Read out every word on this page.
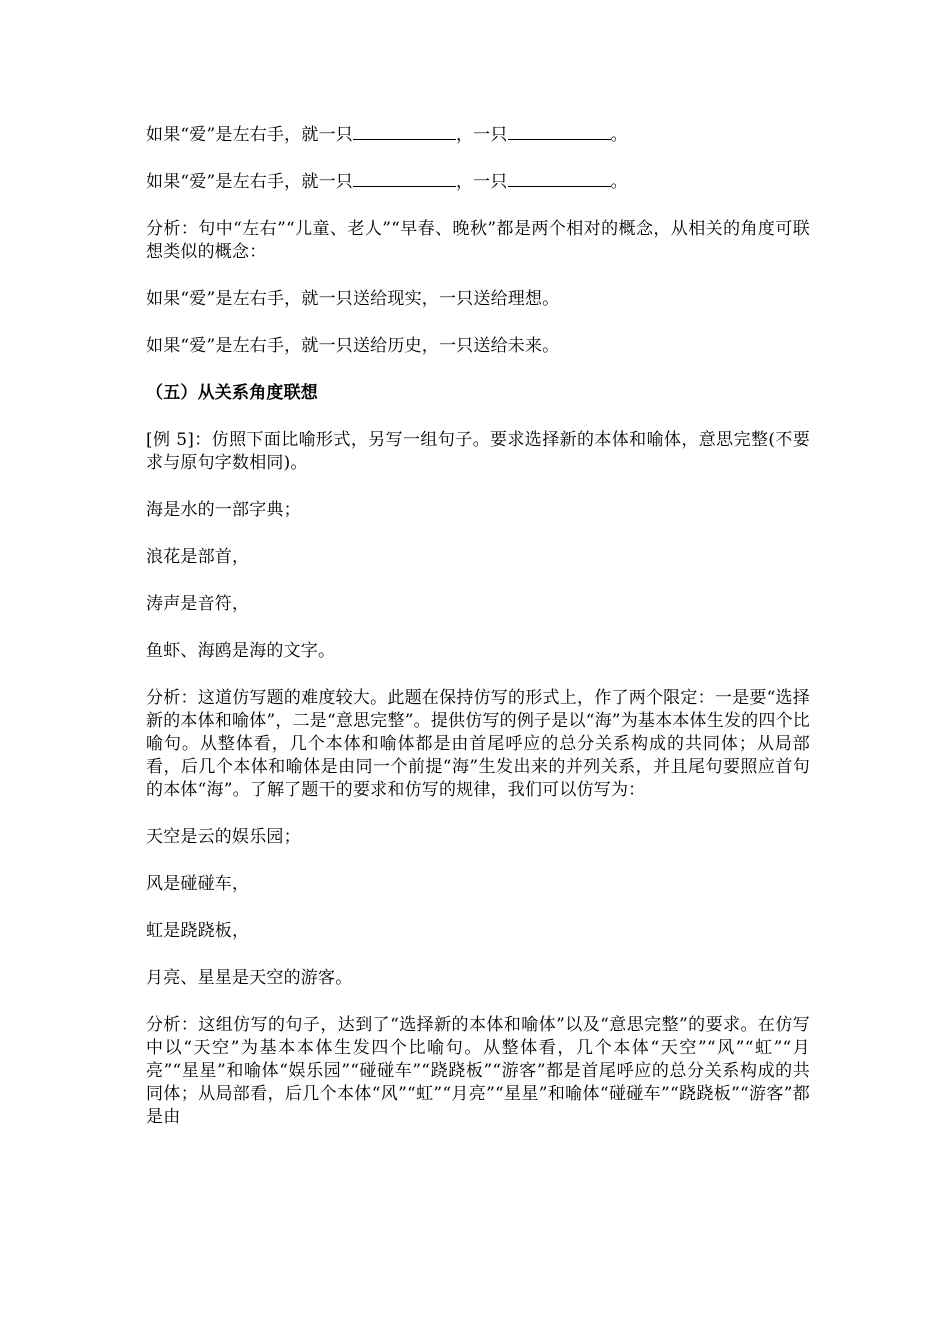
如果“爱”是左右手，就一只	，一只	。

如果“爱”是左右手，就一只	，一只	。

分析：句中“左右”“儿童、老人”“早春、晚秋”都是两个相对的概念，从相关的角度可联想类似的概念：

如果“爱”是左右手，就一只送给现实，一只送给理想。

如果“爱”是左右手，就一只送给历史，一只送给未来。

（五）从关系角度联想

[例 5]：仿照下面比喻形式，另写一组句子。要求选择新的本体和喻体，意思完整(不要求与原句字数相同)。

海是水的一部字典；

浪花是部首，

涛声是音符，

鱼虾、海鸥是海的文字。

分析：这道仿写题的难度较大。此题在保持仿写的形式上，作了两个限定：一是要“选择新的本体和喻体”，二是“意思完整”。提供仿写的例子是以“海”为基本本体生发的四个比喻句。从整体看，几个本体和喻体都是由首尾呼应的总分关系构成的共同体；从局部看，后几个本体和喻体是由同一个前提“海”生发出来的并列关系，并且尾句要照应首句的本体“海”。了解了题干的要求和仿写的规律，我们可以仿写为：

天空是云的娱乐园；

风是碰碰车，

虹是跷跷板，

月亮、星星是天空的游客。

分析：这组仿写的句子，达到了“选择新的本体和喻体”以及“意思完整”的要求。在仿写中以“天空”为基本本体生发四个比喻句。从整体看，几个本体“天空”“风”“虹”“月亮”“星星”和喻体“娱乐园”“碰碰车”“跷跷板”“游客”都是首尾呼应的总分关系构成的共同体；从局部看，后几个本体“风”“虹”“月亮”“星星”和喻体“碰碰车”“跷跷板”“游客”都是由
